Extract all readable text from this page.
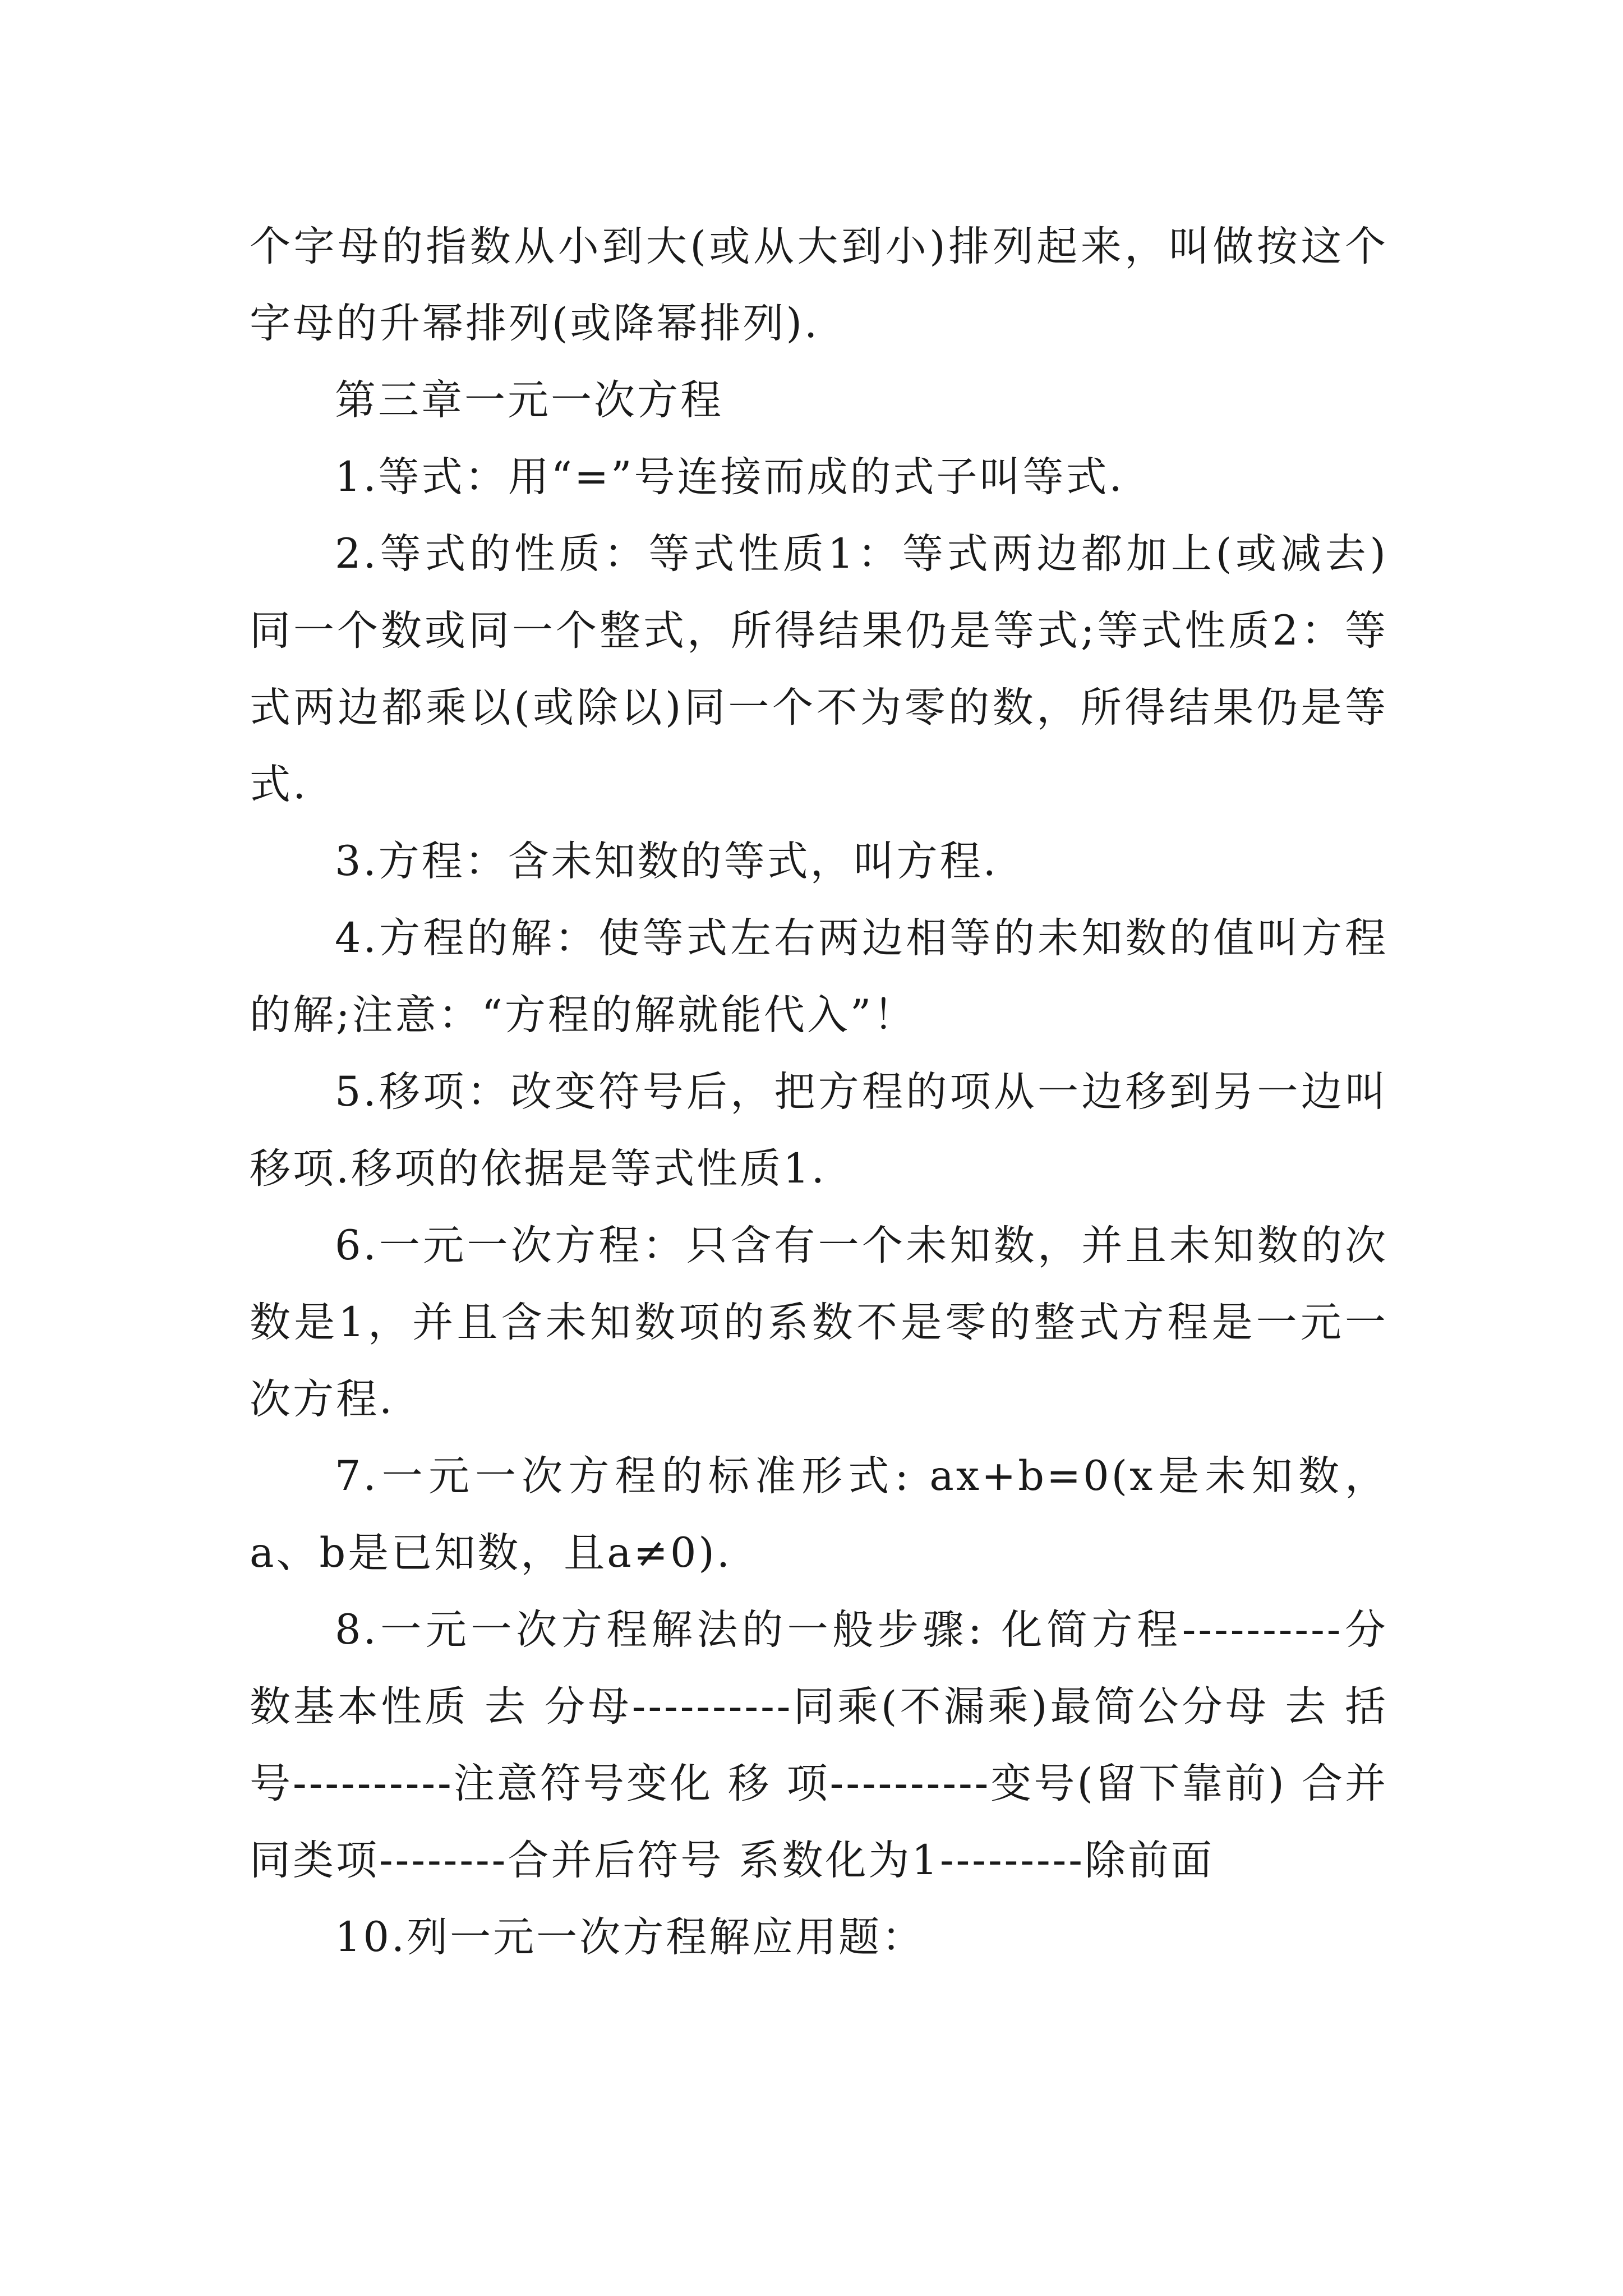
个字母的指数从小到大(或从大到小)排列起来，叫做按这个字母的升幂排列(或降幂排列).

第三章一元一次方程

1.等式：用“=”号连接而成的式子叫等式.

2.等式的性质：等式性质1：等式两边都加上(或减去)同一个数或同一个整式，所得结果仍是等式;等式性质2：等式两边都乘以(或除以)同一个不为零的数，所得结果仍是等式.

3.方程：含未知数的等式，叫方程.

4.方程的解：使等式左右两边相等的未知数的值叫方程的解;注意：“方程的解就能代入”！

5.移项：改变符号后，把方程的项从一边移到另一边叫移项.移项的依据是等式性质1.

6.一元一次方程：只含有一个未知数，并且未知数的次数是1，并且含未知数项的系数不是零的整式方程是一元一次方程.

7.一元一次方程的标准形式: ax+b=0(x是未知数，a、b是已知数，且a≠0).

8.一元一次方程解法的一般步骤: 化简方程----------分数基本性质 去 分母----------同乘(不漏乘)最简公分母 去 括号----------注意符号变化 移 项----------变号(留下靠前) 合并同类项--------合并后符号 系数化为1---------除前面

10.列一元一次方程解应用题：
